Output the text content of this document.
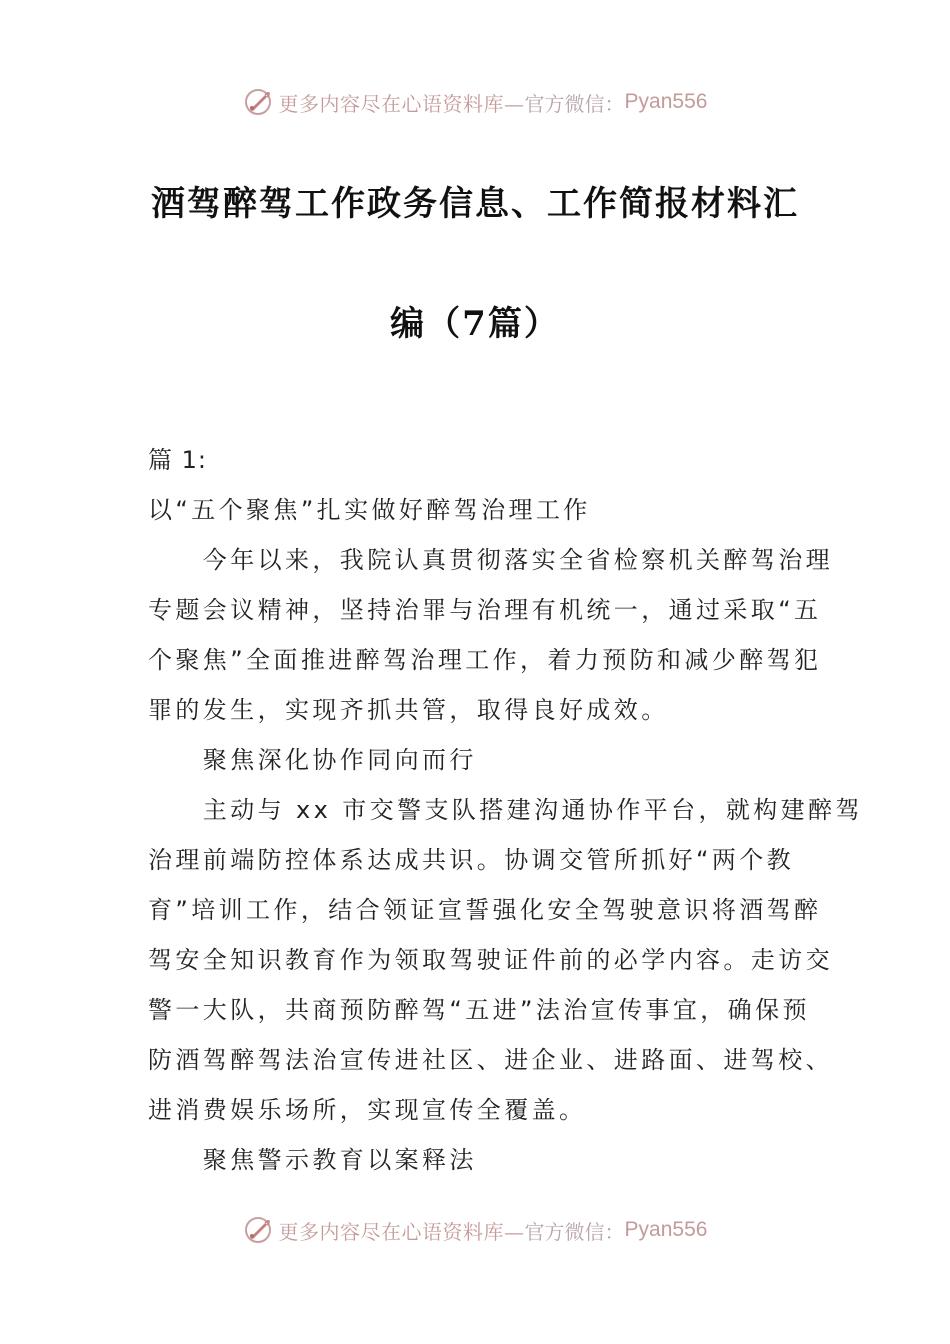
更多内容尽在心语资料库— 官方微信： Pyan556
酒驾醉驾工作政务信息、工作简报材料汇
编（7篇）
篇 1:
以“五个聚焦”扎实做好醉驾治理工作
　　今年以来，我院认真贯彻落实全省检察机关醉驾治理
专题会议精神，坚持治罪与治理有机统一，通过采取“五
个聚焦”全面推进醉驾治理工作，着力预防和减少醉驾犯
罪的发生，实现齐抓共管，取得良好成效。
　　聚焦深化协作同向而行
　　主动与 xx 市交警支队搭建沟通协作平台，就构建醉驾
治理前端防控体系达成共识。协调交管所抓好“两个教
育”培训工作，结合领证宣誓强化安全驾驶意识将酒驾醉
驾安全知识教育作为领取驾驶证件前的必学内容。走访交
警一大队，共商预防醉驾“五进”法治宣传事宜，确保预
防酒驾醉驾法治宣传进社区、进企业、进路面、进驾校、
进消费娱乐场所，实现宣传全覆盖。
　　聚焦警示教育以案释法
更多内容尽在心语资料库— 官方微信： Pyan556
